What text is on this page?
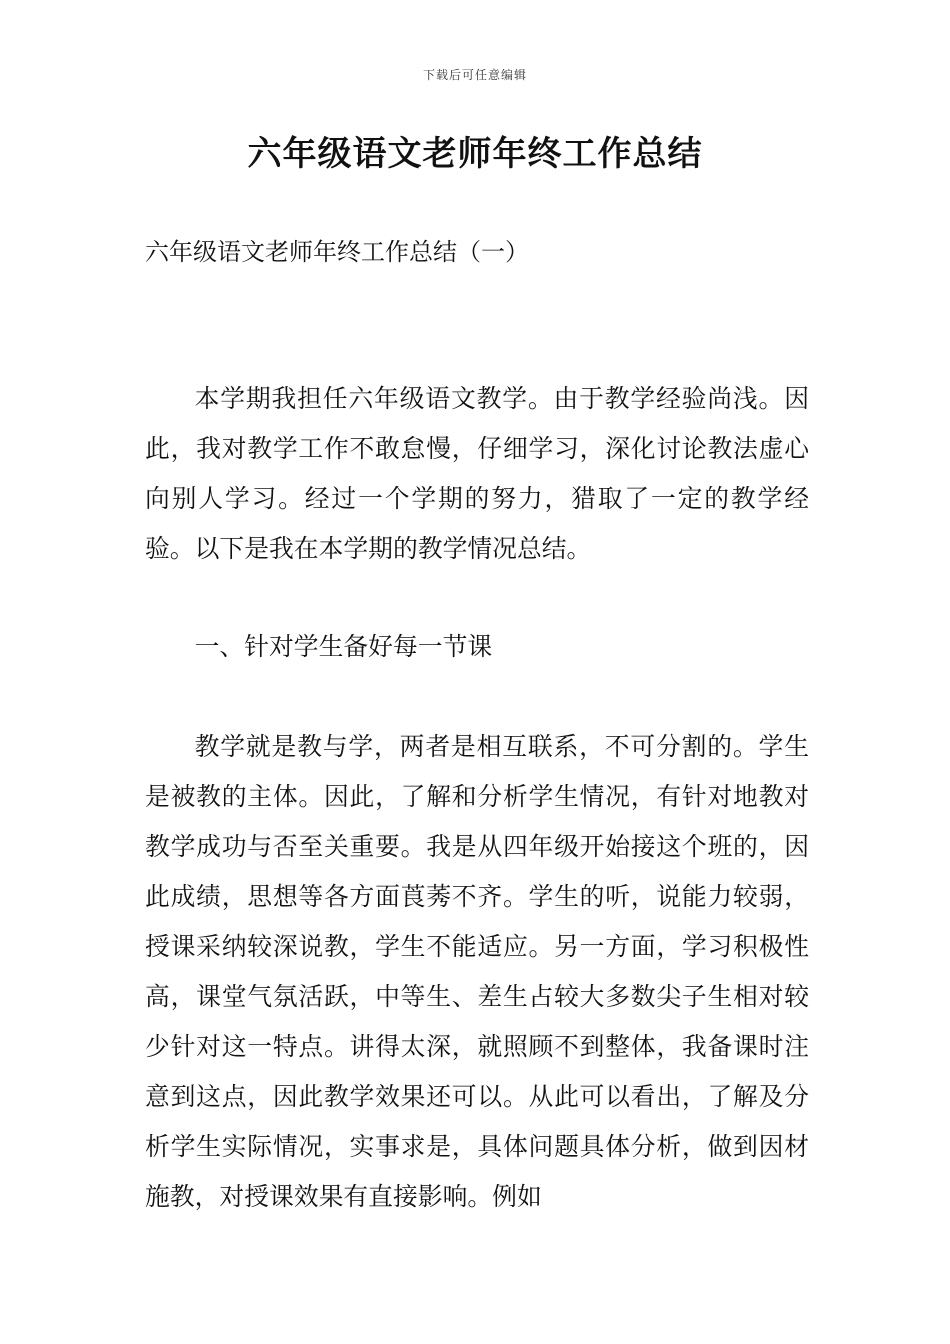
下载后可任意编辑
六年级语文老师年终工作总结

六年级语文老师年终工作总结（一）

本学期我担任六年级语文教学。由于教学经验尚浅。因此，我对教学工作不敢怠慢，仔细学习，深化讨论教法虚心向别人学习。经过一个学期的努力，猎取了一定的教学经验。以下是我在本学期的教学情况总结。

一、针对学生备好每一节课

教学就是教与学，两者是相互联系，不可分割的。学生是被教的主体。因此，了解和分析学生情况，有针对地教对教学成功与否至关重要。我是从四年级开始接这个班的，因此成绩，思想等各方面莨莠不齐。学生的听，说能力较弱，授课采纳较深说教，学生不能适应。另一方面，学习积极性高，课堂气氛活跃，中等生、差生占较大多数尖子生相对较少针对这一特点。讲得太深，就照顾不到整体，我备课时注意到这点，因此教学效果还可以。从此可以看出，了解及分析学生实际情况，实事求是，具体问题具体分析，做到因材施教，对授课效果有直接影响。例如
